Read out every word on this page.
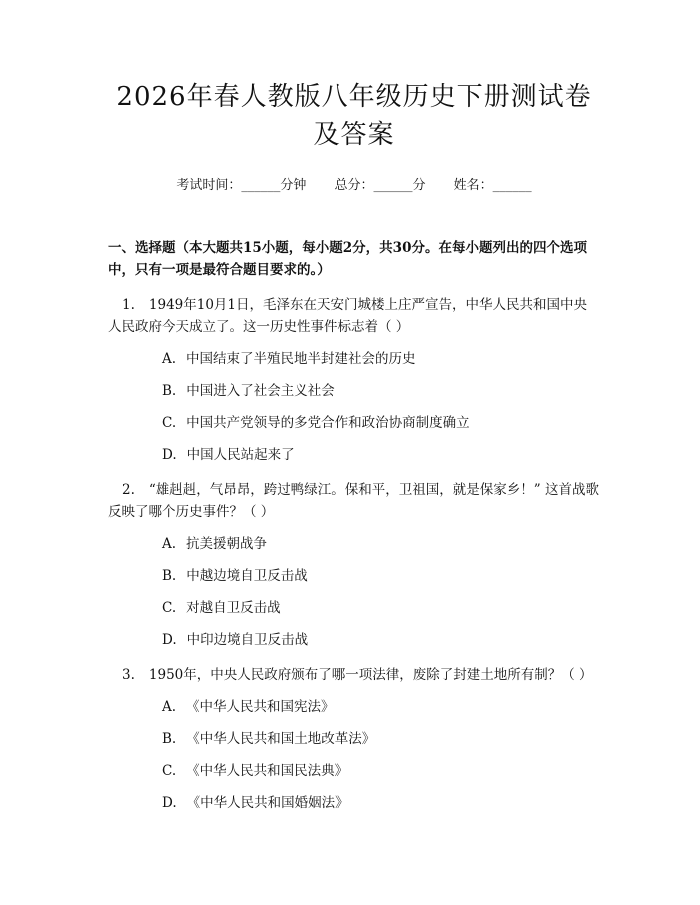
2026年春人教版八年级历史下册测试卷及答案
考试时间：______分钟 总分：______分 姓名：______
一、选择题（本大题共15小题，每小题2分，共30分。在每小题列出的四个选项中，只有一项是最符合题目要求的。）
1. 1949年10月1日，毛泽东在天安门城楼上庄严宣告，中华人民共和国中央人民政府今天成立了。这一历史性事件标志着（ ）
A. 中国结束了半殖民地半封建社会的历史
B. 中国进入了社会主义社会
C. 中国共产党领导的多党合作和政治协商制度确立
D. 中国人民站起来了
2. “雄赳赳，气昂昂，跨过鸭绿江。保和平，卫祖国，就是保家乡！” 这首战歌反映了哪个历史事件？（ ）
A. 抗美援朝战争
B. 中越边境自卫反击战
C. 对越自卫反击战
D. 中印边境自卫反击战
3. 1950年，中央人民政府颁布了哪一项法律，废除了封建土地所有制？（ ）
A. 《中华人民共和国宪法》
B. 《中华人民共和国土地改革法》
C. 《中华人民共和国民法典》
D. 《中华人民共和国婚姻法》
